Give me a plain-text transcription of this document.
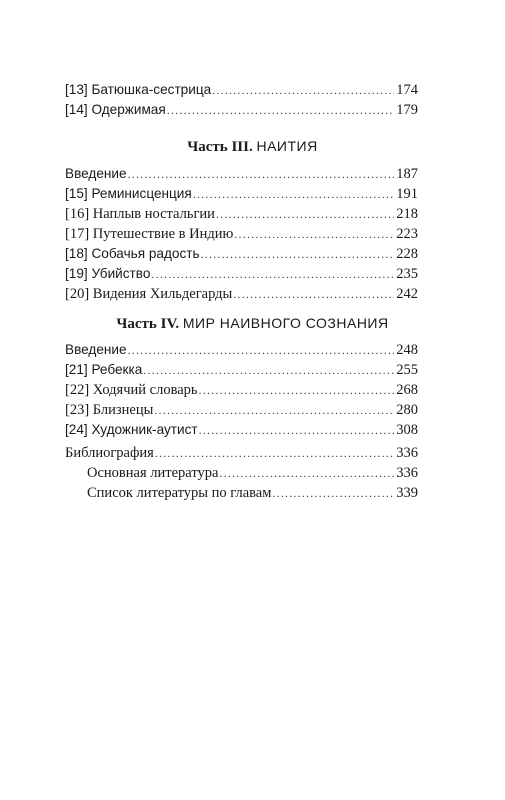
[13] Батюшка-сестрица .....	174
[14] Одержимая .....	179
Часть III. НАИТИЯ
Введение .....	187
[15] Реминисценция .....	191
[16] Наплыв ностальгии .....	218
[17] Путешествие в Индию .....	223
[18] Собачья радость .....	228
[19] Убийство .....	235
[20] Видения Хильдегарды .....	242
Часть IV. МИР НАИВНОГО СОЗНАНИЯ
Введение .....	248
[21] Ребекка .....	255
[22] Ходячий словарь .....	268
[23] Близнецы .....	280
[24] Художник-аутист .....	308
Библиография .....	336
Основная литература .....	336
Список литературы по главам .....	339
